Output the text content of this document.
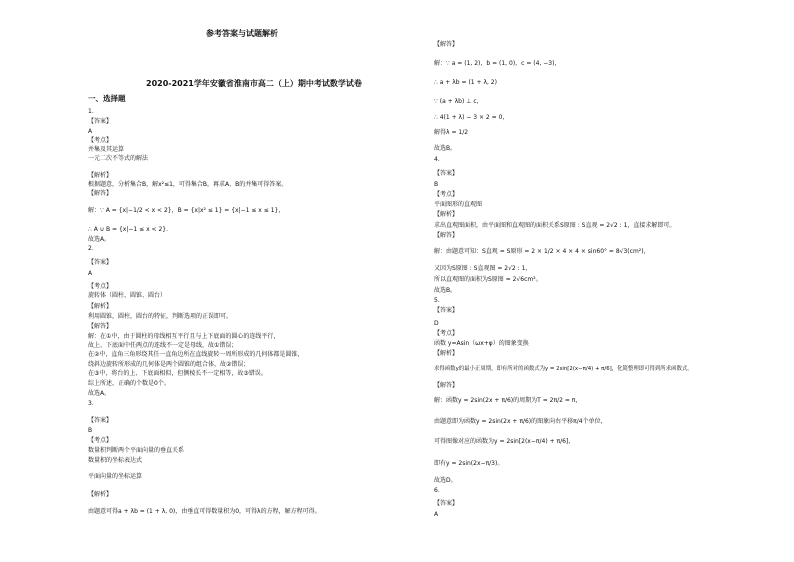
参考答案与试题解析
2020-2021学年安徽省淮南市高二（上）期中考试数学试卷
一、选择题
1.
【答案】
A
【考点】
并集及其运算
一元二次不等式的解法
【解析】
根据题意，分析集合B，解x²≤1，可得集合B，再求A、B的并集可得答案。
【解答】
解：∵ A = {x|−1/2 < x < 2}，B = {x|x² ≤ 1} = {x|−1 ≤ x ≤ 1}，
∴ A ∪ B = {x|−1 ≤ x < 2}.
故选A。
2.
【答案】
A
【考点】
旋转体（圆柱、圆锥、圆台）
【解析】
利用圆锥，圆柱，圆台的特征，判断选项的正误即可。
【解答】
解：在①中，由于圆柱的母线相互平行且与上下底面的圆心的连线平行，
故上、下底面中任两点的连线不一定是母线，故①错误；
在②中，直角三角形绕其任一直角边所在直线旋转一周所形成的几何体都是圆锥，
绕斜边旋转所形成的几何体是两个圆锥的组合体，故②错误；
在③中，将台的上、下底面相似，但侧棱长不一定相等，故③错误。
综上所述，正确的个数是0个。
故选A。
3.
【答案】
B
【考点】
数量积判断两个平面向量的垂直关系
数量积的坐标表达式
平面向量的坐标运算
【解析】
由题意可得a + λb = (1 + λ, 0)，由垂直可得数量积为0，可得λ的方程，解方程可得。
【解答】
解：∵ a = (1, 2)，b = (1, 0)，c = (4, −3)，
∴ a + λb = (1 + λ, 2)
∵ (a + λb) ⊥ c，
∴ 4(1 + λ) − 3 × 2 = 0，
解得λ = 1/2
故选B。
4.
【答案】
B
【考点】
平面图形的直观图
【解析】
求出直观图面积，由平面图和直观图的面积关系S原图 : S直观 = 2√2 : 1，直接求解即可。
【解答】
解：由题意可知：S直观 = S原形 = 2 × 1/2 × 4 × 4 × sin60° = 8√3(cm²)，
又因为S原图 : S直观图 = 2√2 : 1，
所以直观图的面积为S原图 = 2√6cm²。
故选B。
5.
【答案】
D
【考点】
函数 y=Asin（ωx+φ）的图象变换
【解析】
求得函数y的最小正周期，即有所对的函数式为y = 2sin[2(x−π/4) + π/6]，化简整理即可得到所求函数式。
【解答】
解：函数y = 2sin(2x + π/6)的周期为T = 2π/2 = π，
由题意即为函数y = 2sin(2x + π/6)的图象向右平移π/4个单位，
可得图像对应的函数为y = 2sin[2(x−π/4) + π/6]，
即有y = 2sin(2x−π/3)。
故选D。
6.
【答案】
A
